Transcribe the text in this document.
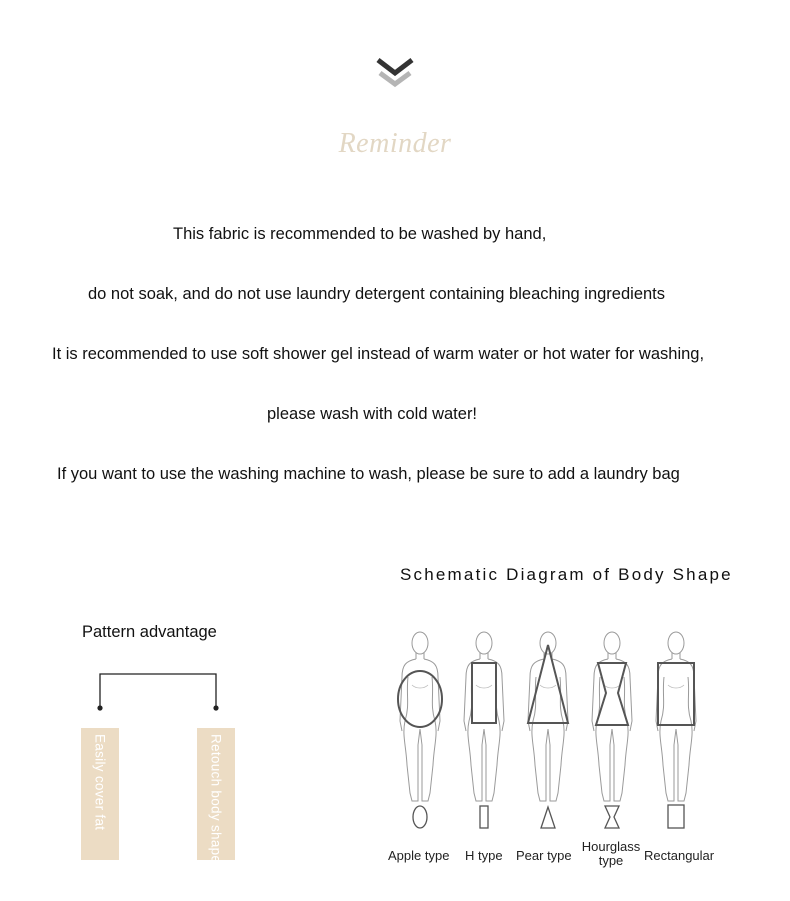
Reminder
This fabric is recommended to be washed by hand,
do not soak, and do not use laundry detergent containing bleaching ingredients
It is recommended to use soft shower gel instead of warm water or hot water for washing,
please wash with cold water!
If you want to use the washing machine to wash, please be sure to add a laundry bag
Schematic Diagram of Body Shape
Pattern advantage
Easily cover fat	Retouch body shape	Apple type H type Pear type
Hourglass type	Rectangular
